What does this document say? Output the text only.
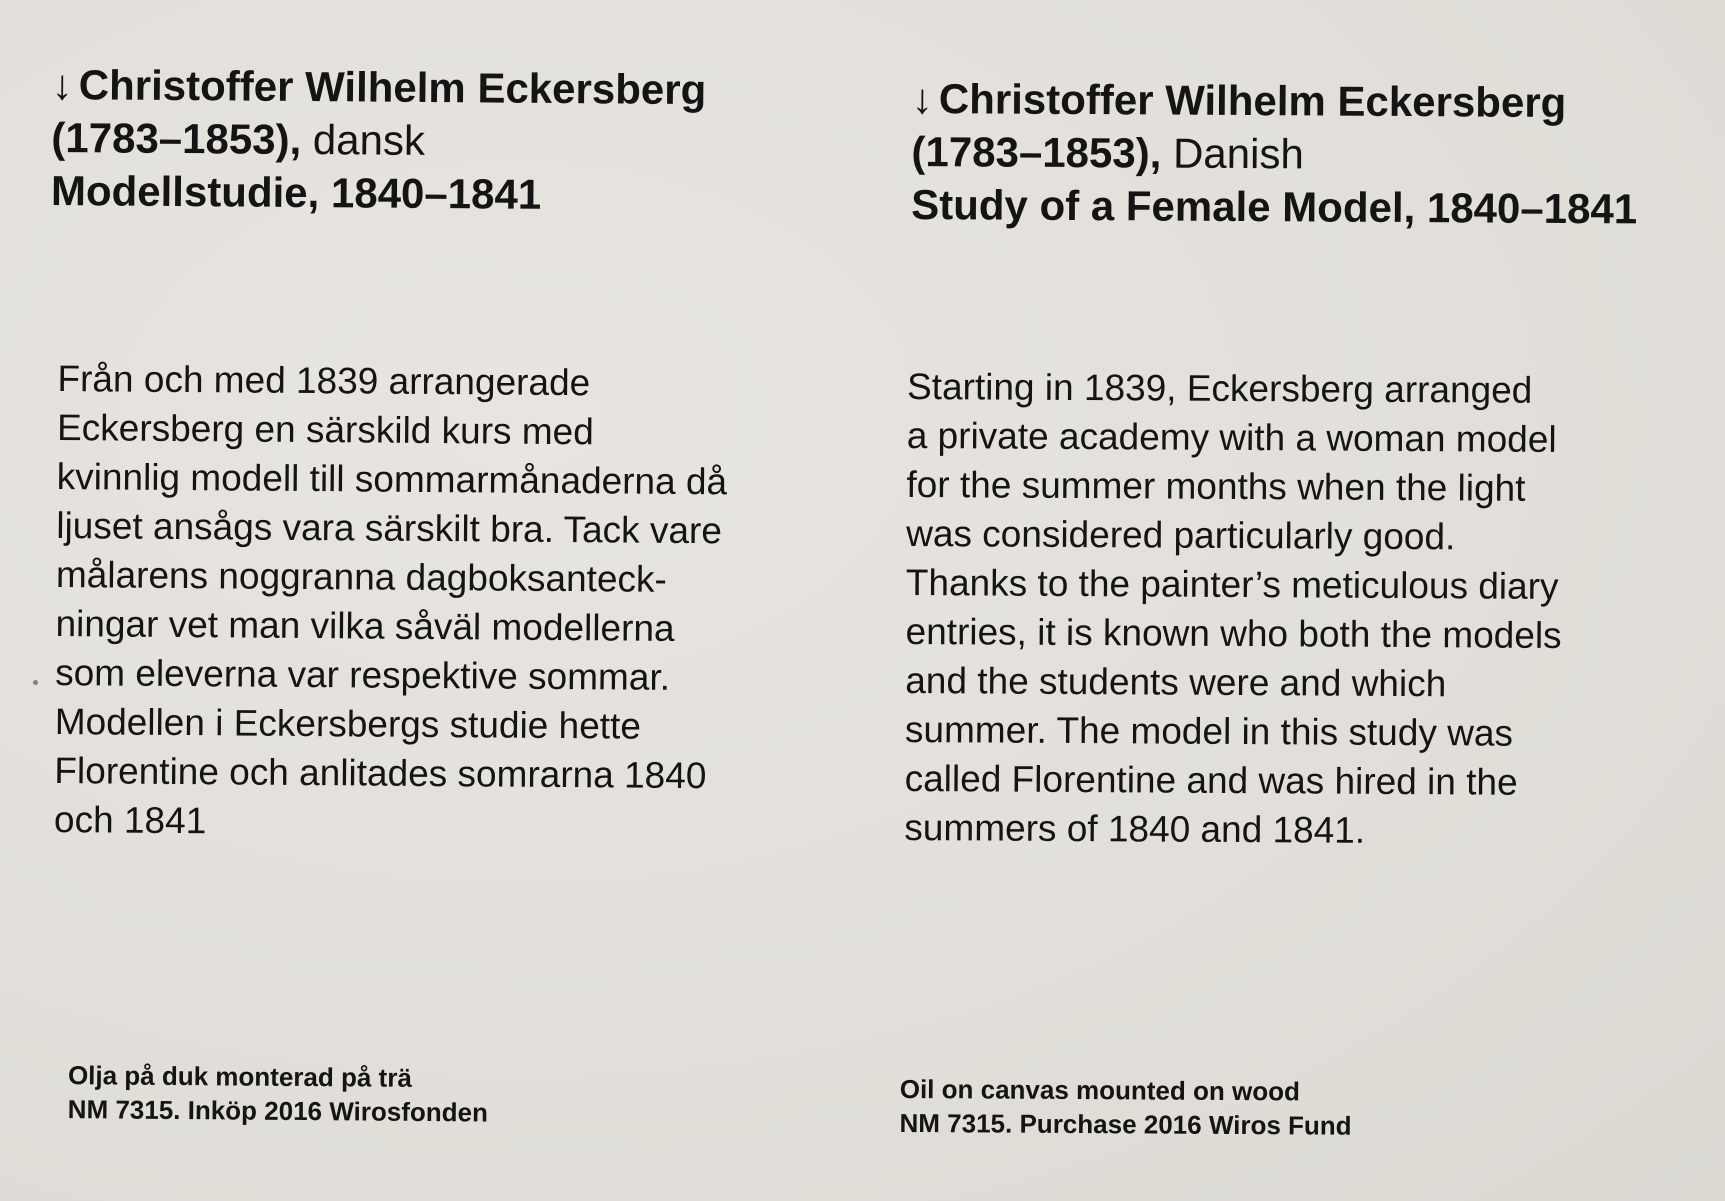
↓ Christoffer Wilhelm Eckersberg
(1783–1853), dansk
Modellstudie, 1840–1841
Från och med 1839 arrangerade
Eckersberg en särskild kurs med
kvinnlig modell till sommarmånaderna då
ljuset ansågs vara särskilt bra. Tack vare
målarens noggranna dagboksanteck-
ningar vet man vilka såväl modellerna
som eleverna var respektive sommar.
Modellen i Eckersbergs studie hette
Florentine och anlitades somrarna 1840
och 1841
Olja på duk monterad på trä
NM 7315. Inköp 2016 Wirosfonden
↓ Christoffer Wilhelm Eckersberg
(1783–1853), Danish
Study of a Female Model, 1840–1841
Starting in 1839, Eckersberg arranged
a private academy with a woman model
for the summer months when the light
was considered particularly good.
Thanks to the painter’s meticulous diary
entries, it is known who both the models
and the students were and which
summer. The model in this study was
called Florentine and was hired in the
summers of 1840 and 1841.
Oil on canvas mounted on wood
NM 7315. Purchase 2016 Wiros Fund
